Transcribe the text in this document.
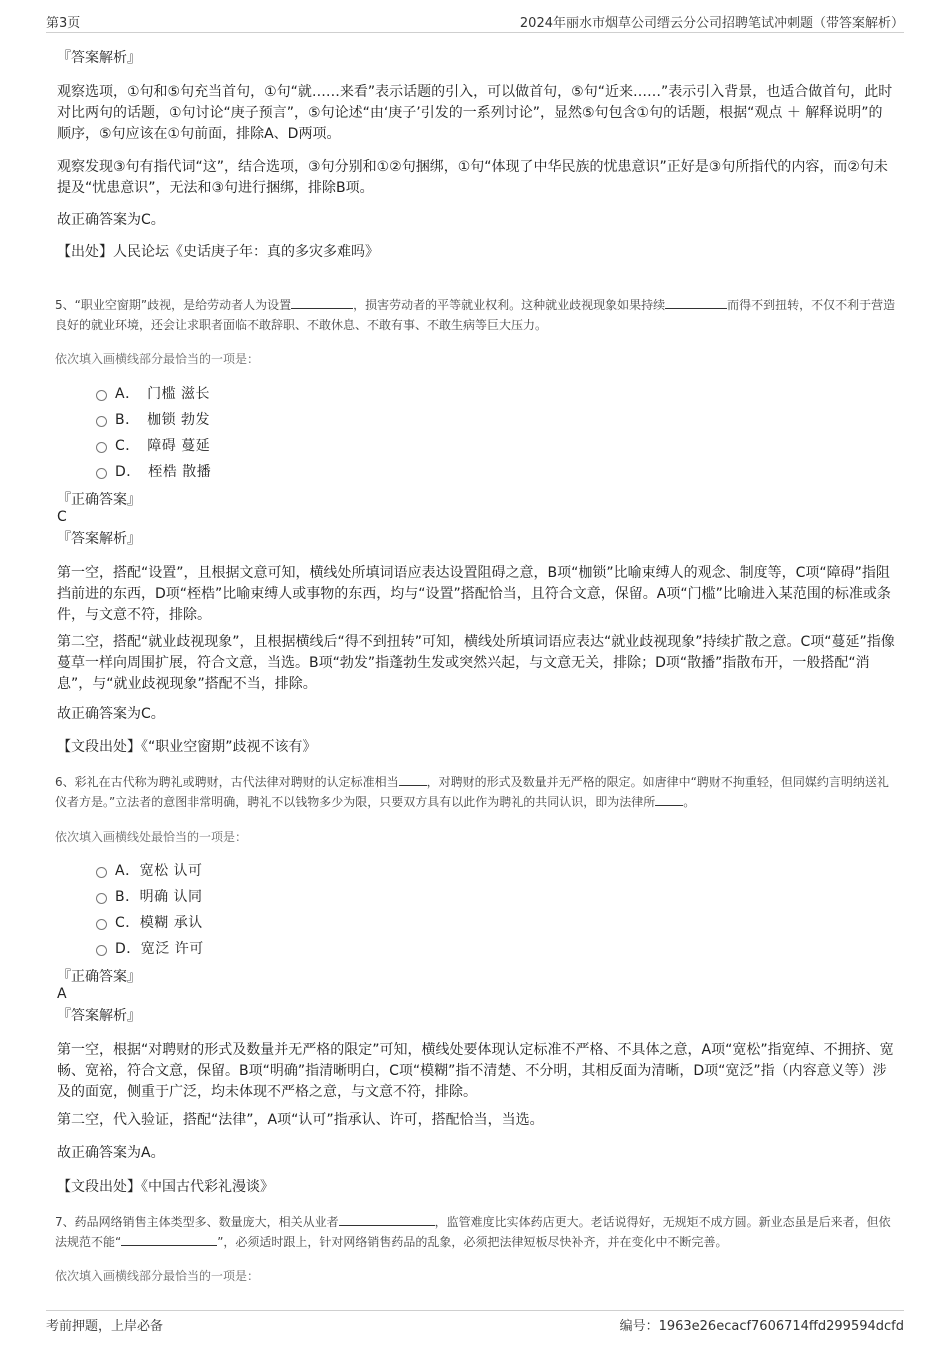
第3页	2024年丽水市烟草公司缙云分公司招聘笔试冲刺题（带答案解析）
『答案解析』
观察选项，①句和⑤句充当首句，①句“就……来看”表示话题的引入，可以做首句，⑤句“近来……”表示引入背景，也适合做首句，此时对比两句的话题，①句讨论“庚子预言”，⑤句论述“由‘庚子’引发的一系列讨论”，显然⑤句包含①句的话题，根据“观点 ＋ 解释说明”的顺序，⑤句应该在①句前面，排除A、D两项。
观察发现③句有指代词“这”，结合选项，③句分别和①②句捆绑，①句“体现了中华民族的忧患意识”正好是③句所指代的内容，而②句未提及“忧患意识”，无法和③句进行捆绑，排除B项。
故正确答案为C。
【出处】人民论坛《史话庚子年：真的多灾多难吗》
5、“职业空窗期”歧视，是给劳动者人为设置	，损害劳动者的平等就业权利。这种就业歧视现象如果持续	而得不到扭转，不仅不利于营造良好的就业环境，还会让求职者面临不敢辞职、不敢休息、不敢有事、不敢生病等巨大压力。
依次填入画横线部分最恰当的一项是：
A．　门槛 滋长
B．　枷锁 勃发
C．　障碍 蔓延
D．　桎梏 散播
『正确答案』
C
『答案解析』
第一空，搭配“设置”，且根据文意可知，横线处所填词语应表达设置阻碍之意，B项“枷锁”比喻束缚人的观念、制度等，C项“障碍”指阻挡前进的东西，D项“桎梏”比喻束缚人或事物的东西，均与“设置”搭配恰当，且符合文意，保留。A项“门槛”比喻进入某范围的标准或条件，与文意不符，排除。
第二空，搭配“就业歧视现象”，且根据横线后“得不到扭转”可知，横线处所填词语应表达“就业歧视现象”持续扩散之意。C项“蔓延”指像蔓草一样向周围扩展，符合文意，当选。B项“勃发”指蓬勃生发或突然兴起，与文意无关，排除；D项“散播”指散布开，一般搭配“消息”，与“就业歧视现象”搭配不当，排除。
故正确答案为C。
【文段出处】《“职业空窗期”歧视不该有》
6、彩礼在古代称为聘礼或聘财，古代法律对聘财的认定标准相当 ，对聘财的形式及数量并无严格的限定。如唐律中“聘财不拘重轻，但同媒约言明纳送礼仪者方是。”立法者的意图非常明确，聘礼不以钱物多少为限，只要双方具有以此作为聘礼的共同认识，即为法律所 。
依次填入画横线处最恰当的一项是：
A．宽松 认可
B．明确 认同
C．模糊 承认
D．宽泛 许可
『正确答案』
A
『答案解析』
第一空，根据“对聘财的形式及数量并无严格的限定”可知，横线处要体现认定标准不严格、不具体之意，A项“宽松”指宽绰、不拥挤、宽畅、宽裕，符合文意，保留。B项“明确”指清晰明白，C项“模糊”指不清楚、不分明，其相反面为清晰，D项“宽泛”指（内容意义等）涉及的面宽，侧重于广泛，均未体现不严格之意，与文意不符，排除。
第二空，代入验证，搭配“法律”，A项“认可”指承认、许可，搭配恰当，当选。
故正确答案为A。
【文段出处】《中国古代彩礼漫谈》
7、药品网络销售主体类型多、数量庞大，相关从业者	，监管难度比实体药店更大。老话说得好，无规矩不成方圆。新业态虽是后来者，但依法规范不能“	”，必须适时跟上，针对网络销售药品的乱象，必须把法律短板尽快补齐，并在变化中不断完善。
依次填入画横线部分最恰当的一项是：
考前押题，上岸必备	编号：1963e26ecacf7606714ffd299594dcfd
